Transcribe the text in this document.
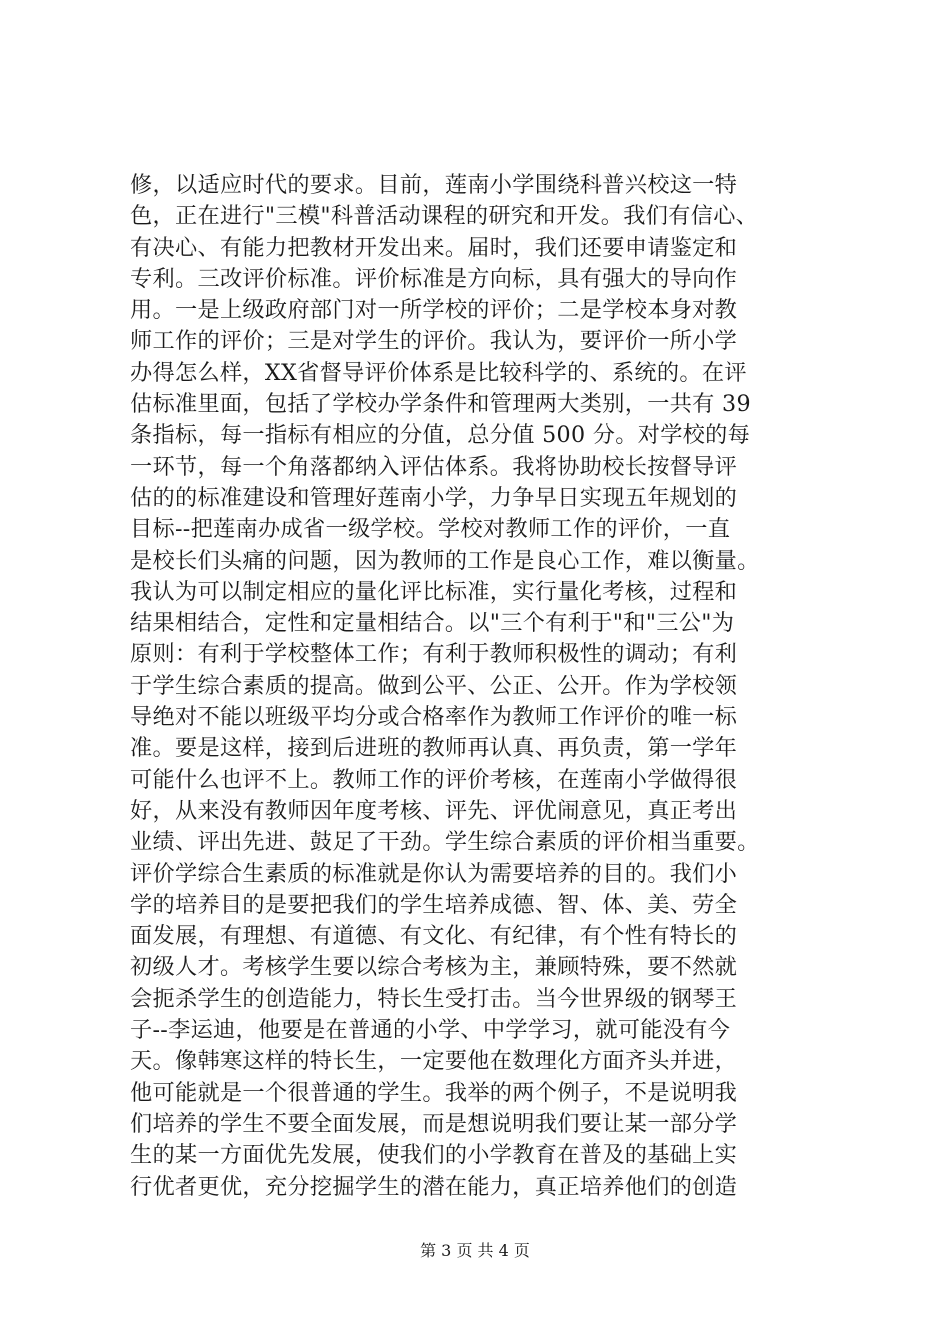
修，以适应时代的要求。目前，莲南小学围绕科普兴校这一特
色，正在进行"三模"科普活动课程的研究和开发。我们有信心、
有决心、有能力把教材开发出来。届时，我们还要申请鉴定和
专利。三改评价标准。评价标准是方向标，具有强大的导向作
用。一是上级政府部门对一所学校的评价；二是学校本身对教
师工作的评价；三是对学生的评价。我认为，要评价一所小学
办得怎么样，XX省督导评价体系是比较科学的、系统的。在评
估标准里面，包括了学校办学条件和管理两大类别，一共有 39
条指标，每一指标有相应的分值，总分值 500 分。对学校的每
一环节，每一个角落都纳入评估体系。我将协助校长按督导评
估的的标准建设和管理好莲南小学，力争早日实现五年规划的
目标--把莲南办成省一级学校。学校对教师工作的评价，一直
是校长们头痛的问题，因为教师的工作是良心工作，难以衡量。
我认为可以制定相应的量化评比标准，实行量化考核，过程和
结果相结合，定性和定量相结合。以"三个有利于"和"三公"为
原则：有利于学校整体工作；有利于教师积极性的调动；有利
于学生综合素质的提高。做到公平、公正、公开。作为学校领
导绝对不能以班级平均分或合格率作为教师工作评价的唯一标
准。要是这样，接到后进班的教师再认真、再负责，第一学年
可能什么也评不上。教师工作的评价考核，在莲南小学做得很
好，从来没有教师因年度考核、评先、评优闹意见，真正考出
业绩、评出先进、鼓足了干劲。学生综合素质的评价相当重要。
评价学综合生素质的标准就是你认为需要培养的目的。我们小
学的培养目的是要把我们的学生培养成德、智、体、美、劳全
面发展，有理想、有道德、有文化、有纪律，有个性有特长的
初级人才。考核学生要以综合考核为主，兼顾特殊，要不然就
会扼杀学生的创造能力，特长生受打击。当今世界级的钢琴王
子--李运迪，他要是在普通的小学、中学学习，就可能没有今
天。像韩寒这样的特长生，一定要他在数理化方面齐头并进，
他可能就是一个很普通的学生。我举的两个例子，不是说明我
们培养的学生不要全面发展，而是想说明我们要让某一部分学
生的某一方面优先发展，使我们的小学教育在普及的基础上实
行优者更优，充分挖掘学生的潜在能力，真正培养他们的创造
第 3 页 共 4 页
